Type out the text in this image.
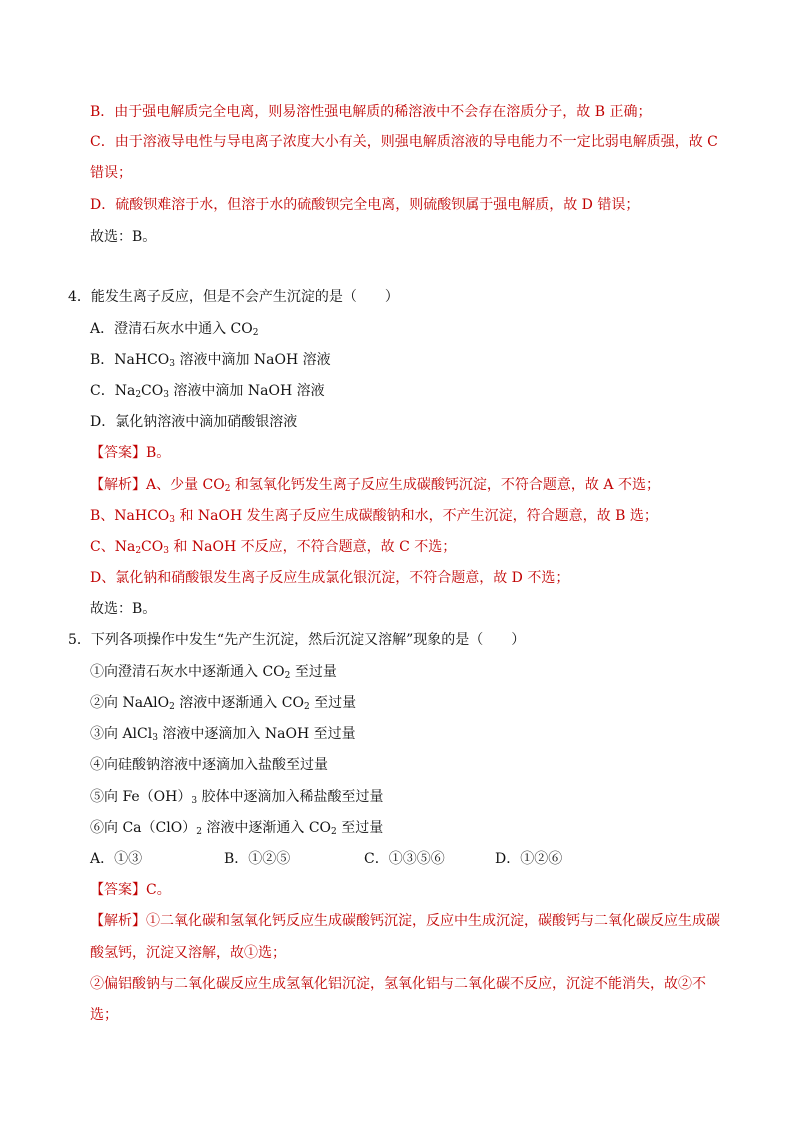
B．由于强电解质完全电离，则易溶性强电解质的稀溶液中不会存在溶质分子，故 B 正确；
C．由于溶液导电性与导电离子浓度大小有关，则强电解质溶液的导电能力不一定比弱电解质强，故 C
错误；
D．硫酸钡难溶于水，但溶于水的硫酸钡完全电离，则硫酸钡属于强电解质，故 D 错误；
故选：B。
4．能发生离子反应，但是不会产生沉淀的是（　　）
A．澄清石灰水中通入 $CO_2$
B．NaHCO$_3$ 溶液中滴加 NaOH 溶液
C．$Na_2CO_3$ 溶液中滴加 NaOH 溶液
D．氯化钠溶液中滴加硝酸银溶液
【答案】B。
【解析】A、少量 $CO_2$ 和氢氧化钙发生离子反应生成碳酸钙沉淀，不符合题意，故 A 不选；
B、NaHCO$_3$ 和 NaOH 发生离子反应生成碳酸钠和水，不产生沉淀，符合题意，故 B 选；
C、$Na_2CO_3$ 和 NaOH 不反应，不符合题意，故 C 不选；
D、氯化钠和硝酸银发生离子反应生成氯化银沉淀，不符合题意，故 D 不选；
故选：B。
5．下列各项操作中发生“先产生沉淀，然后沉淀又溶解”现象的是（　　）
①向澄清石灰水中逐渐通入 $CO_2$ 至过量
②向 NaAlO$_2$ 溶液中逐渐通入 $CO_2$ 至过量
③向 AlCl$_3$ 溶液中逐滴加入 NaOH 至过量
④向硅酸钠溶液中逐滴加入盐酸至过量
⑤向 $Fe(OH)_3$ 胶体中逐滴加入稀盐酸至过量
⑥向 $Ca(ClO)_2$ 溶液中逐渐通入 $CO_2$ 至过量
A．①③	B．①②⑤	C．①③⑤⑥	D．①②⑥
【答案】C。
【解析】①二氧化碳和氢氧化钙反应生成碳酸钙沉淀，反应中生成沉淀，碳酸钙与二氧化碳反应生成碳
酸氢钙，沉淀又溶解，故①选；
②偏铝酸钠与二氧化碳反应生成氢氧化铝沉淀，氢氧化铝与二氧化碳不反应，沉淀不能消失，故②不
选；
